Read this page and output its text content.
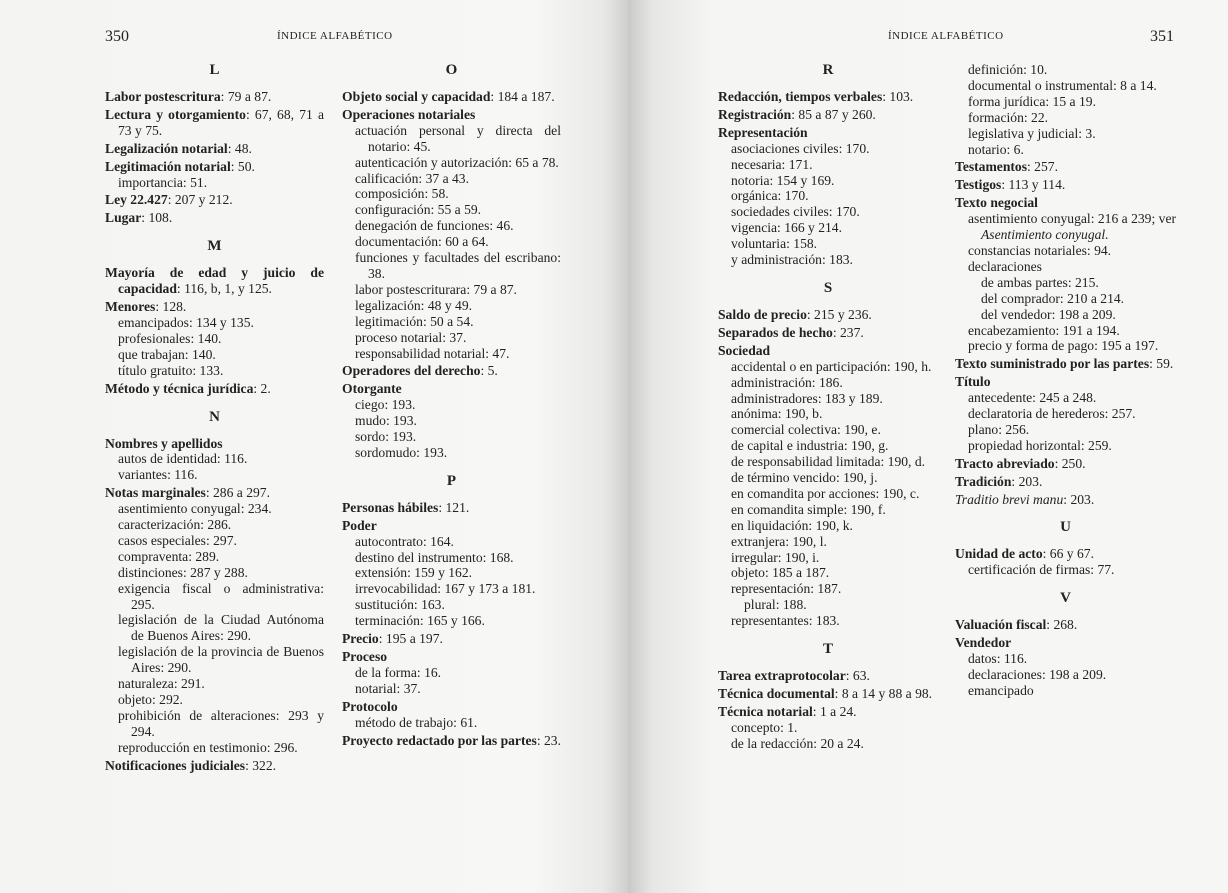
350	ÍNDICE ALFABÉTICO

L

Labor postescritura: 79 a 87.

Lectura y otorgamiento: 67, 68, 71 a 73 y 75.

Legalización notarial: 48.

Legitimación notarial: 50.

importancia: 51.

Ley 22.427: 207 y 212.

Lugar: 108.

M

Mayoría de edad y juicio de capacidad: 116, b, 1, y 125.

Menores: 128.

emancipados: 134 y 135.

profesionales: 140.

que trabajan: 140.

título gratuito: 133.

Método y técnica jurídica: 2.

N

Nombres y apellidos

autos de identidad: 116.

variantes: 116.

Notas marginales: 286 a 297.

asentimiento conyugal: 234.

caracterización: 286.

casos especiales: 297.

compraventa: 289.

distinciones: 287 y 288.

exigencia fiscal o administrativa: 295.

legislación de la Ciudad Autónoma de Buenos Aires: 290.

legislación de la provincia de Buenos Aires: 290.

naturaleza: 291.

objeto: 292.

prohibición de alteraciones: 293 y 294.

reproducción en testimonio: 296.

Notificaciones judiciales: 322.

O

Objeto social y capacidad: 184 a 187.

Operaciones notariales

actuación personal y directa del notario: 45.

autenticación y autorización: 65 a 78.

calificación: 37 a 43.

composición: 58.

configuración: 55 a 59.

denegación de funciones: 46.

documentación: 60 a 64.

funciones y facultades del escribano: 38.

labor postescriturara: 79 a 87.

legalización: 48 y 49.

legitimación: 50 a 54.

proceso notarial: 37.

responsabilidad notarial: 47.

Operadores del derecho: 5.

Otorgante

ciego: 193.

mudo: 193.

sordo: 193.

sordomudo: 193.

P

Personas hábiles: 121.

Poder

autocontrato: 164.

destino del instrumento: 168.

extensión: 159 y 162.

irrevocabilidad: 167 y 173 a 181.

sustitución: 163.

terminación: 165 y 166.

Precio: 195 a 197.

Proceso

de la forma: 16.

notarial: 37.

Protocolo

método de trabajo: 61.

Proyecto redactado por las partes: 23.

ÍNDICE ALFABÉTICO	351

R

Redacción, tiempos verbales: 103.

Registración: 85 a 87 y 260.

Representación

asociaciones civiles: 170.

necesaria: 171.

notoria: 154 y 169.

orgánica: 170.

sociedades civiles: 170.

vigencia: 166 y 214.

voluntaria: 158.

y administración: 183.

S

Saldo de precio: 215 y 236.

Separados de hecho: 237.

Sociedad

accidental o en participación: 190, h.

administración: 186.

administradores: 183 y 189.

anónima: 190, b.

comercial colectiva: 190, e.

de capital e industria: 190, g.

de responsabilidad limitada: 190, d.

de término vencido: 190, j.

en comandita por acciones: 190, c.

en comandita simple: 190, f.

en liquidación: 190, k.

extranjera: 190, l.

irregular: 190, i.

objeto: 185 a 187.

representación: 187.

plural: 188.

representantes: 183.

T

Tarea extraprotocolar: 63.

Técnica documental: 8 a 14 y 88 a 98.

Técnica notarial: 1 a 24.

concepto: 1.

de la redacción: 20 a 24.

definición: 10.

documental o instrumental: 8 a 14.

forma jurídica: 15 a 19.

formación: 22.

legislativa y judicial: 3.

notario: 6.

Testamentos: 257.

Testigos: 113 y 114.

Texto negocial

asentimiento conyugal: 216 a 239; ver Asentimiento conyugal.

constancias notariales: 94.

declaraciones

de ambas partes: 215.

del comprador: 210 a 214.

del vendedor: 198 a 209.

encabezamiento: 191 a 194.

precio y forma de pago: 195 a 197.

Texto suministrado por las partes: 59.

Título

antecedente: 245 a 248.

declaratoria de herederos: 257.

plano: 256.

propiedad horizontal: 259.

Tracto abreviado: 250.

Tradición: 203.

Traditio brevi manu: 203.

U

Unidad de acto: 66 y 67.

certificación de firmas: 77.

V

Valuación fiscal: 268.

Vendedor

datos: 116.

declaraciones: 198 a 209.

emancipado
